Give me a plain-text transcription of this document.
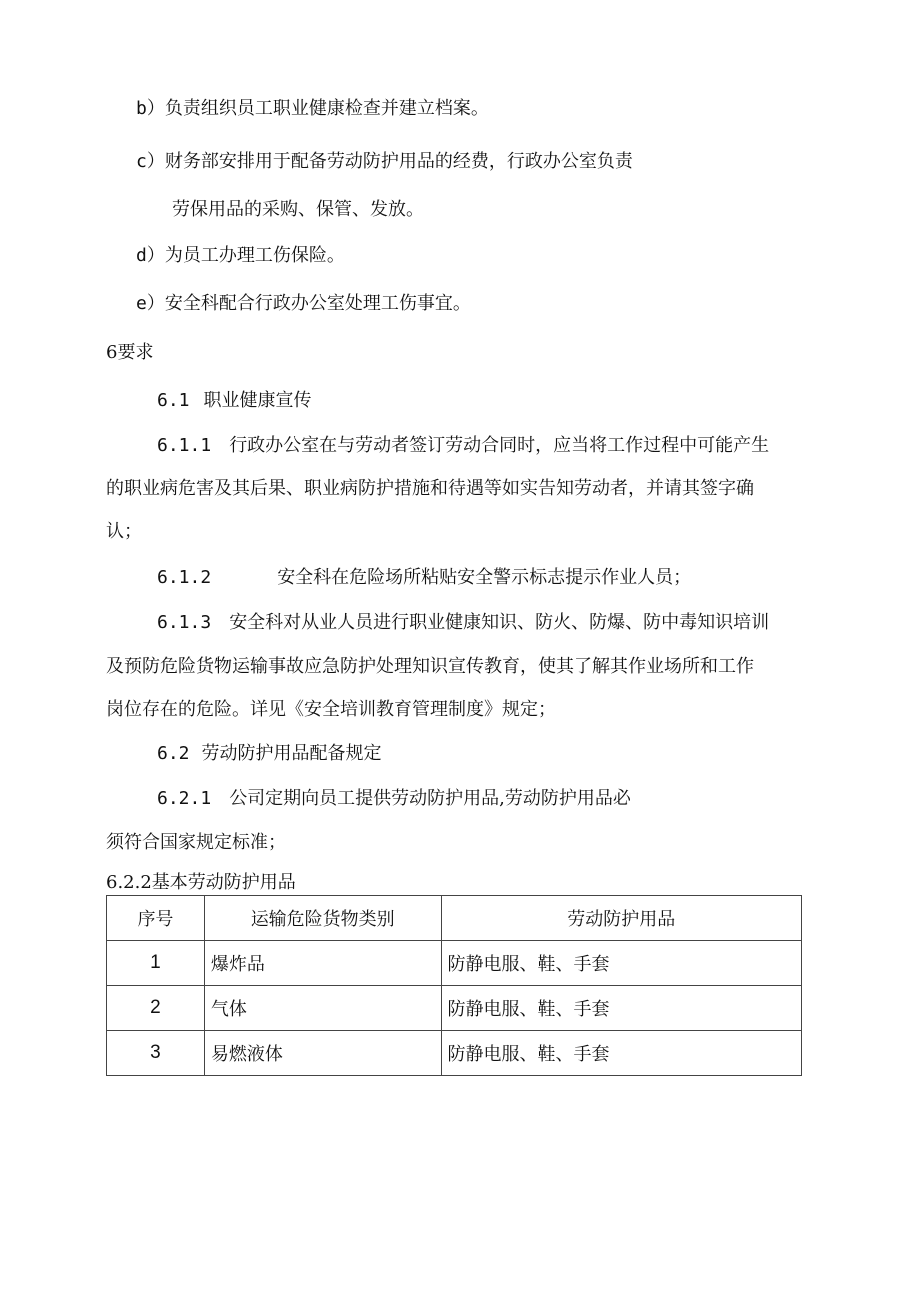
b）负责组织员工职业健康检查并建立档案。
c）财务部安排用于配备劳动防护用品的经费，行政办公室负责
劳保用品的采购、保管、发放。
d）为员工办理工伤保险。
e）安全科配合行政办公室处理工伤事宜。
6要求
6.1 职业健康宣传
6.1.1 行政办公室在与劳动者签订劳动合同时，应当将工作过程中可能产生
的职业病危害及其后果、职业病防护措施和待遇等如实告知劳动者，并请其签字确
认；
6.1.2	安全科在危险场所粘贴安全警示标志提示作业人员；
6.1.3 安全科对从业人员进行职业健康知识、防火、防爆、防中毒知识培训
及预防危险货物运输事故应急防护处理知识宣传教育，使其了解其作业场所和工作
岗位存在的危险。详见《安全培训教育管理制度》规定；
6.2 劳动防护用品配备规定
6.2.1 公司定期向员工提供劳动防护用品,劳动防护用品必
须符合国家规定标准；
6.2.2基本劳动防护用品
序号	运输危险货物类别	劳动防护用品
1	爆炸品	防静电服、鞋、手套
2	气体	防静电服、鞋、手套
3	易燃液体	防静电服、鞋、手套
